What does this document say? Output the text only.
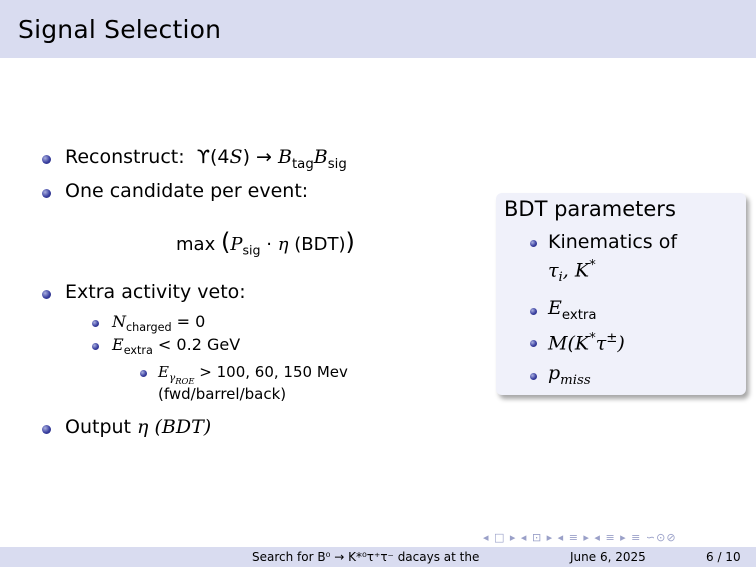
Signal Selection
Reconstruct:  $ϒ(4S) \to B_{tag}B_{sig}$
One candidate per event:
$\max (P_{sig} \cdot \eta$ (BDT))
Extra activity veto:
$N_{charged} = 0$
$E_{extra} < 0.2$ GeV
$E_{\gamma_{ROE}} > 100$, 60, 150 Mev
(fwd/barrel/back)
Output η (BDT)
BDT parameters
Kinematics of
$\tau_i$, K*
$E_{extra}$
M(K*τ±)
$p_{miss}$
◂ □ ▸ ◂ ⊡ ▸ ◂ ≡ ▸ ◂ ≡ ▸ ≡ ∽⊙⊘
Search for B⁰ → K*⁰τ⁺τ⁻ dacays at the	June 6, 2025	6 / 10
